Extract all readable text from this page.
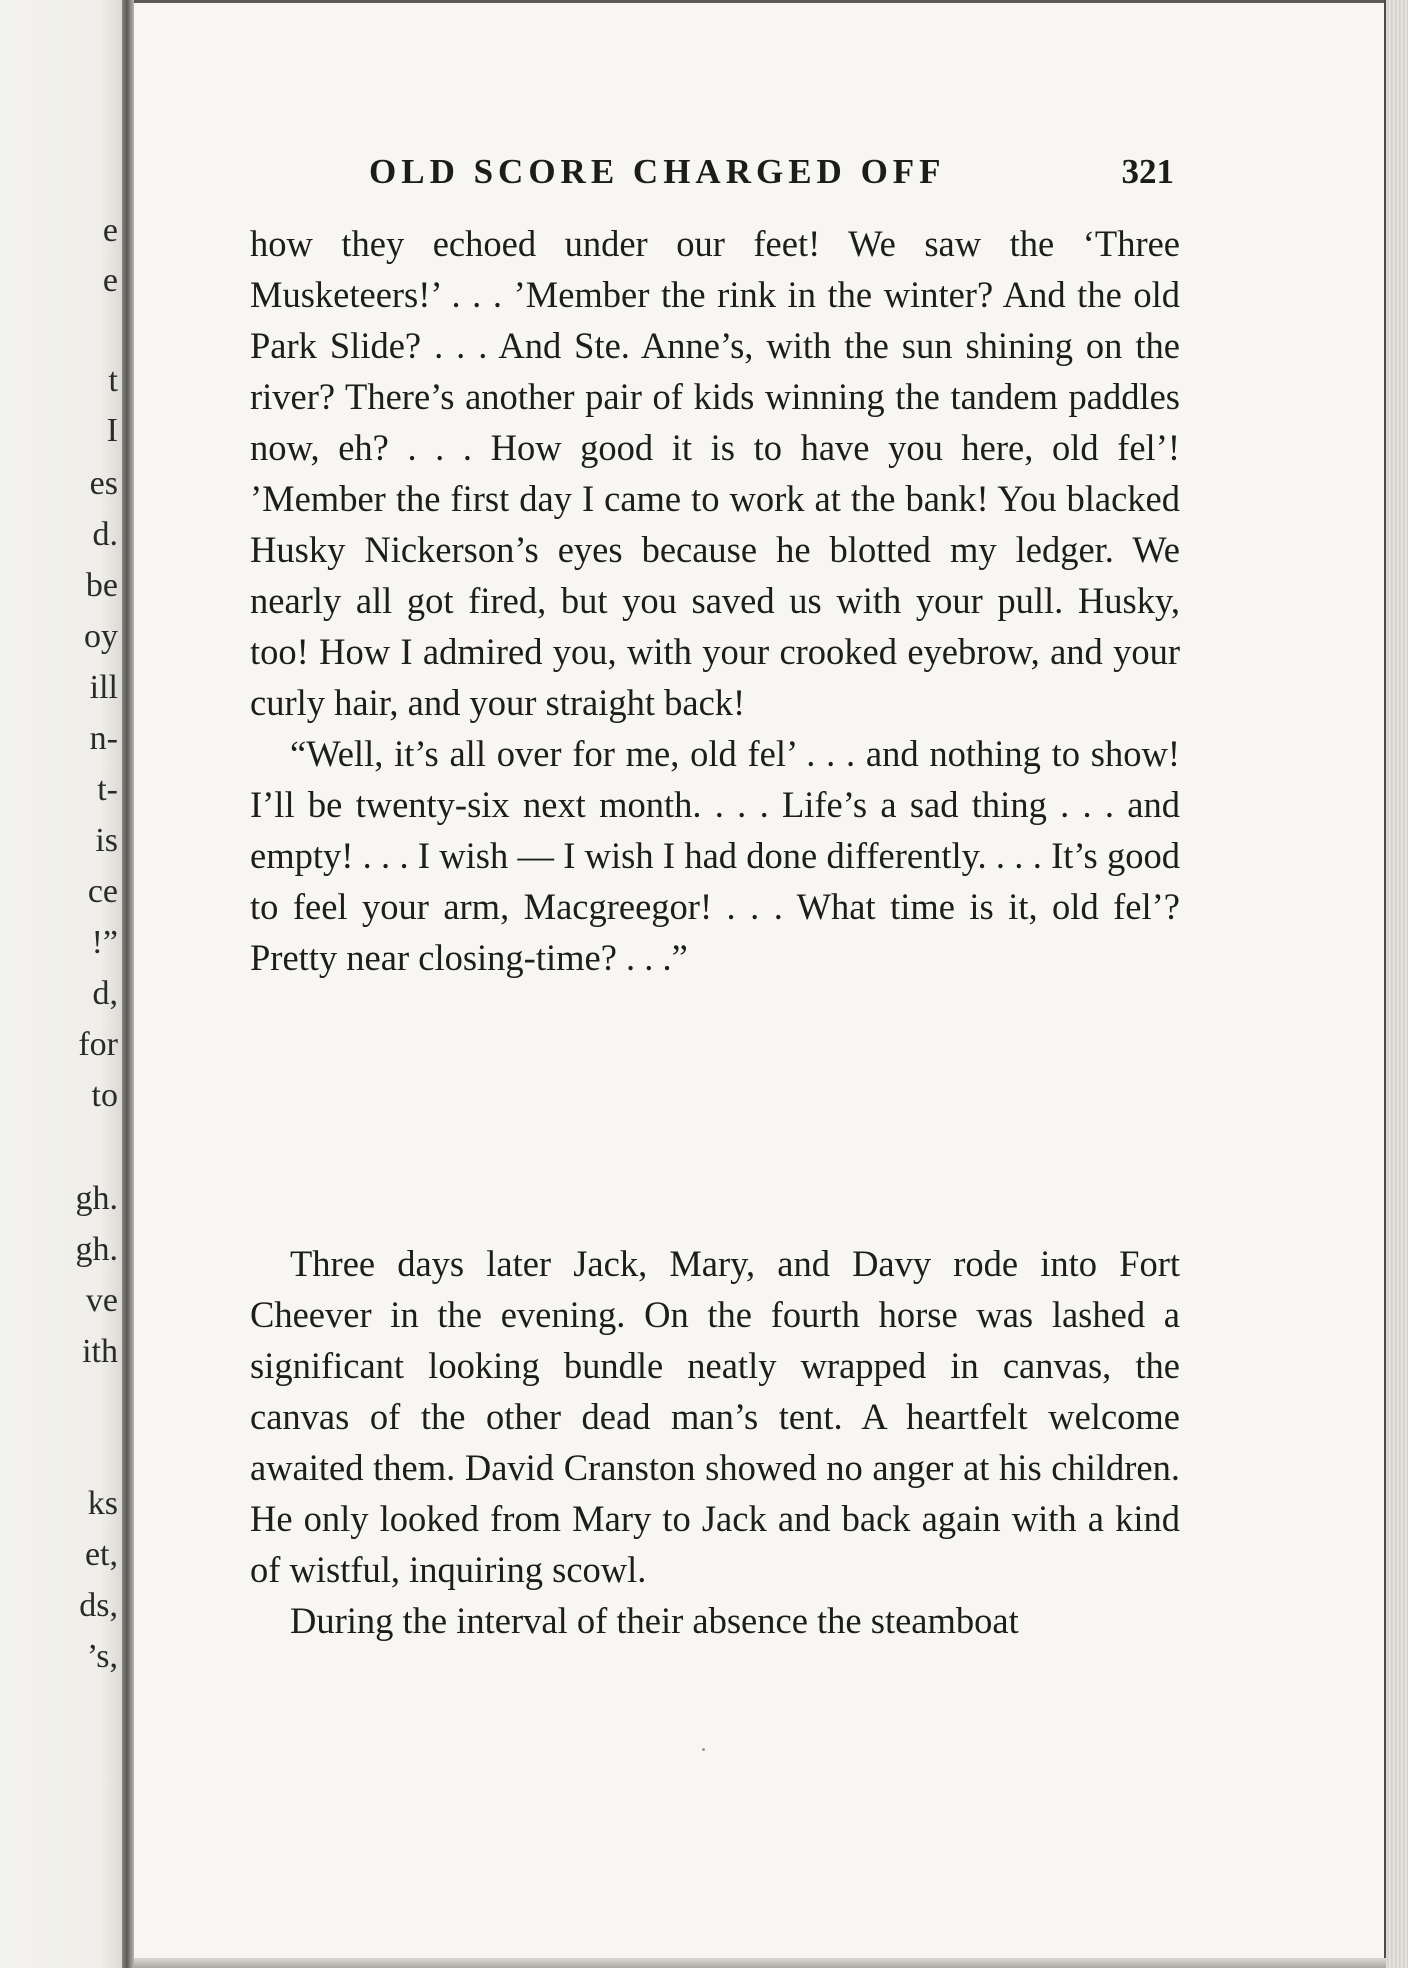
e
e
t
I
es
d.
be
oy
ill
n-
t-
is
ce
!”
d,
for
to
gh.
gh.
ve
ith
ks
et,
ds,
’s,
OLD SCORE CHARGED OFF	321

how they echoed under our feet! We saw the ‘Three Musketeers!’ . . . ’Member the rink in the winter? And the old Park Slide? . . . And Ste. Anne’s, with the sun shining on the river? There’s another pair of kids winning the tandem paddles now, eh? . . . How good it is to have you here, old fel’! ’Member the first day I came to work at the bank! You blacked Husky Nickerson’s eyes because he blotted my ledger. We nearly all got fired, but you saved us with your pull. Husky, too! How I admired you, with your crooked eyebrow, and your curly hair, and your straight back!

“Well, it’s all over for me, old fel’ . . . and nothing to show! I’ll be twenty-six next month. . . . Life’s a sad thing . . . and empty! . . . I wish — I wish I had done differently. . . . It’s good to feel your arm, Macgreegor! . . . What time is it, old fel’? Pretty near closing-time? . . .”

Three days later Jack, Mary, and Davy rode into Fort Cheever in the evening. On the fourth horse was lashed a significant looking bundle neatly wrapped in canvas, the canvas of the other dead man’s tent. A heartfelt welcome awaited them. David Cranston showed no anger at his children. He only looked from Mary to Jack and back again with a kind of wistful, inquiring scowl.

During the interval of their absence the steamboat
